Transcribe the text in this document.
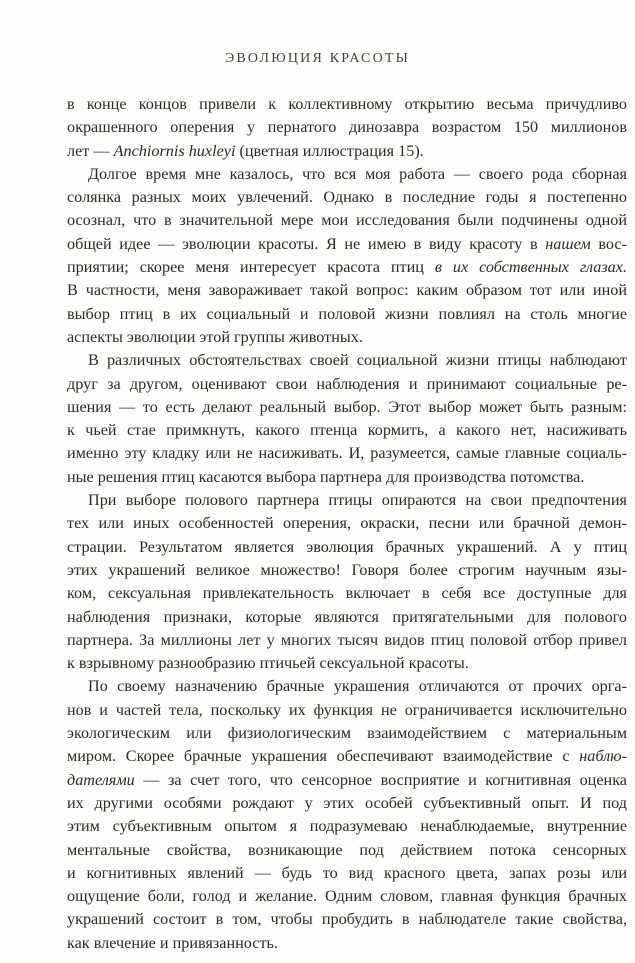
ЭВОЛЮЦИЯ КРАСОТЫ
в конце концов привели к коллективному открытию весьма причудливо
окрашенного оперения у пернатого динозавра возрастом 150 миллионов
лет — Anchiornis huxleyi (цветная иллюстрация 15).
Долгое время мне казалось, что вся моя работа — своего рода сборная
солянка разных моих увлечений. Однако в последние годы я постепенно
осознал, что в значительной мере мои исследования были подчинены одной
общей идее — эволюции красоты. Я не имею в виду красоту в нашем вос-
приятии; скорее меня интересует красота птиц в их собственных глазах.
В частности, меня завораживает такой вопрос: каким образом тот или иной
выбор птиц в их социальный и половой жизни повлиял на столь многие
аспекты эволюции этой группы животных.
В различных обстоятельствах своей социальной жизни птицы наблюдают
друг за другом, оценивают свои наблюдения и принимают социальные ре-
шения — то есть делают реальный выбор. Этот выбор может быть разным:
к чьей стае примкнуть, какого птенца кормить, а какого нет, насиживать
именно эту кладку или не насиживать. И, разумеется, самые главные социаль-
ные решения птиц касаются выбора партнера для производства потомства.
При выборе полового партнера птицы опираются на свои предпочтения
тех или иных особенностей оперения, окраски, песни или брачной демон-
страции. Результатом является эволюция брачных украшений. А у птиц
этих украшений великое множество! Говоря более строгим научным язы-
ком, сексуальная привлекательность включает в себя все доступные для
наблюдения признаки, которые являются притягательными для полового
партнера. За миллионы лет у многих тысяч видов птиц половой отбор привел
к взрывному разнообразию птичьей сексуальной красоты.
По своему назначению брачные украшения отличаются от прочих орга-
нов и частей тела, поскольку их функция не ограничивается исключительно
экологическим или физиологическим взаимодействием с материальным
миром. Скорее брачные украшения обеспечивают взаимодействие с наблю-
дателями — за счет того, что сенсорное восприятие и когнитивная оценка
их другими особями рождают у этих особей субъективный опыт. И под
этим субъективным опытом я подразумеваю ненаблюдаемые, внутренние
ментальные свойства, возникающие под действием потока сенсорных
и когнитивных явлений — будь то вид красного цвета, запах розы или
ощущение боли, голод и желание. Одним словом, главная функция брачных
украшений состоит в том, чтобы пробудить в наблюдателе такие свойства,
как влечение и привязанность.
